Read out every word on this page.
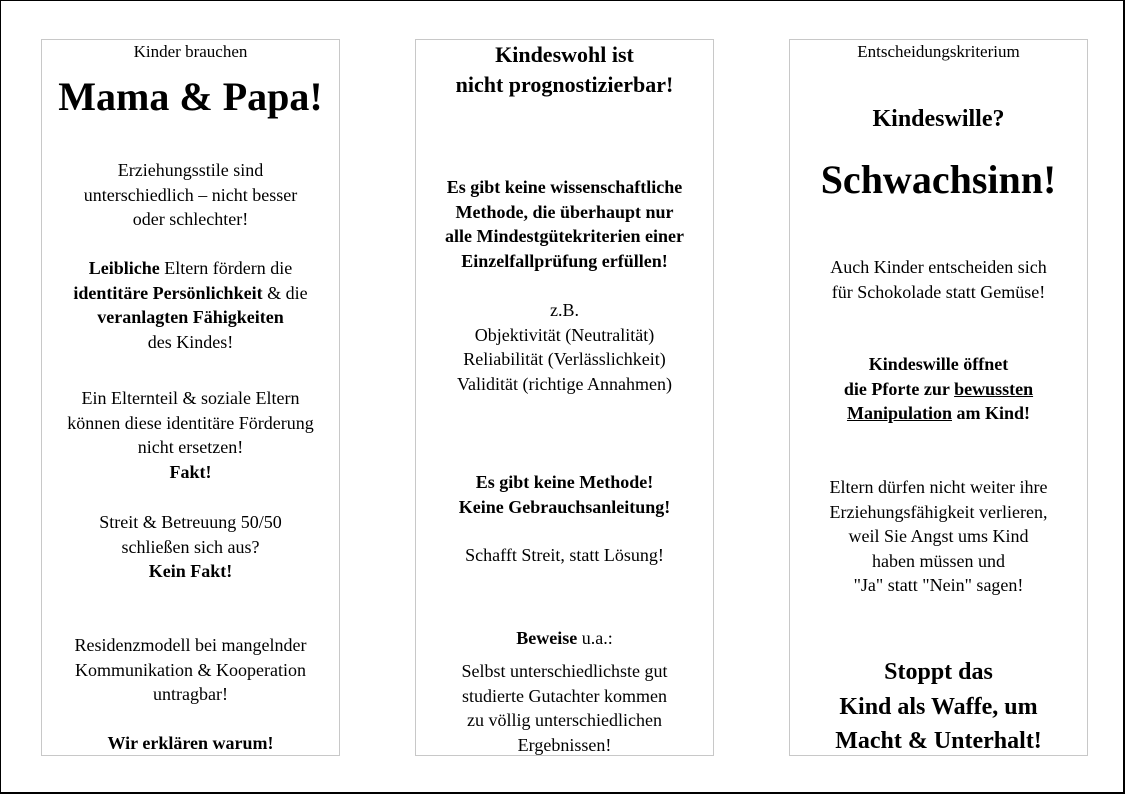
Kinder brauchen

Mama & Papa!

Erziehungsstile sind
unterschiedlich – nicht besser
oder schlechter!
Leibliche Eltern fördern die
identitäre Persönlichkeit & die
veranlagten Fähigkeiten
des Kindes!
Ein Elternteil & soziale Eltern
können diese identitäre Förderung
nicht ersetzen!
Fakt!
Streit & Betreuung 50/50
schließen sich aus?
Kein Fakt!
Residenzmodell bei mangelnder
Kommunikation & Kooperation
untragbar!
Wir erklären warum!
Kindeswohl ist
nicht prognostizierbar!
Es gibt keine wissenschaftliche
Methode, die überhaupt nur
alle Mindestgütekriterien einer
Einzelfallprüfung erfüllen!
z.B.
Objektivität (Neutralität)
Reliabilität (Verlässlichkeit)
Validität (richtige Annahmen)
Es gibt keine Methode!
Keine Gebrauchsanleitung!
Schafft Streit, statt Lösung!
Beweise u.a.:
Selbst unterschiedlichste gut
studierte Gutachter kommen
zu völlig unterschiedlichen
Ergebnissen!

Entscheidungskriterium

Kindeswille?

Schwachsinn!

Auch Kinder entscheiden sich
für Schokolade statt Gemüse!
Kindeswille öffnet
die Pforte zur bewussten
Manipulation am Kind!
Eltern dürfen nicht weiter ihre
Erziehungsfähigkeit verlieren,
weil Sie Angst ums Kind
haben müssen und
"Ja" statt "Nein" sagen!
Stoppt das
Kind als Waffe, um
Macht & Unterhalt!
